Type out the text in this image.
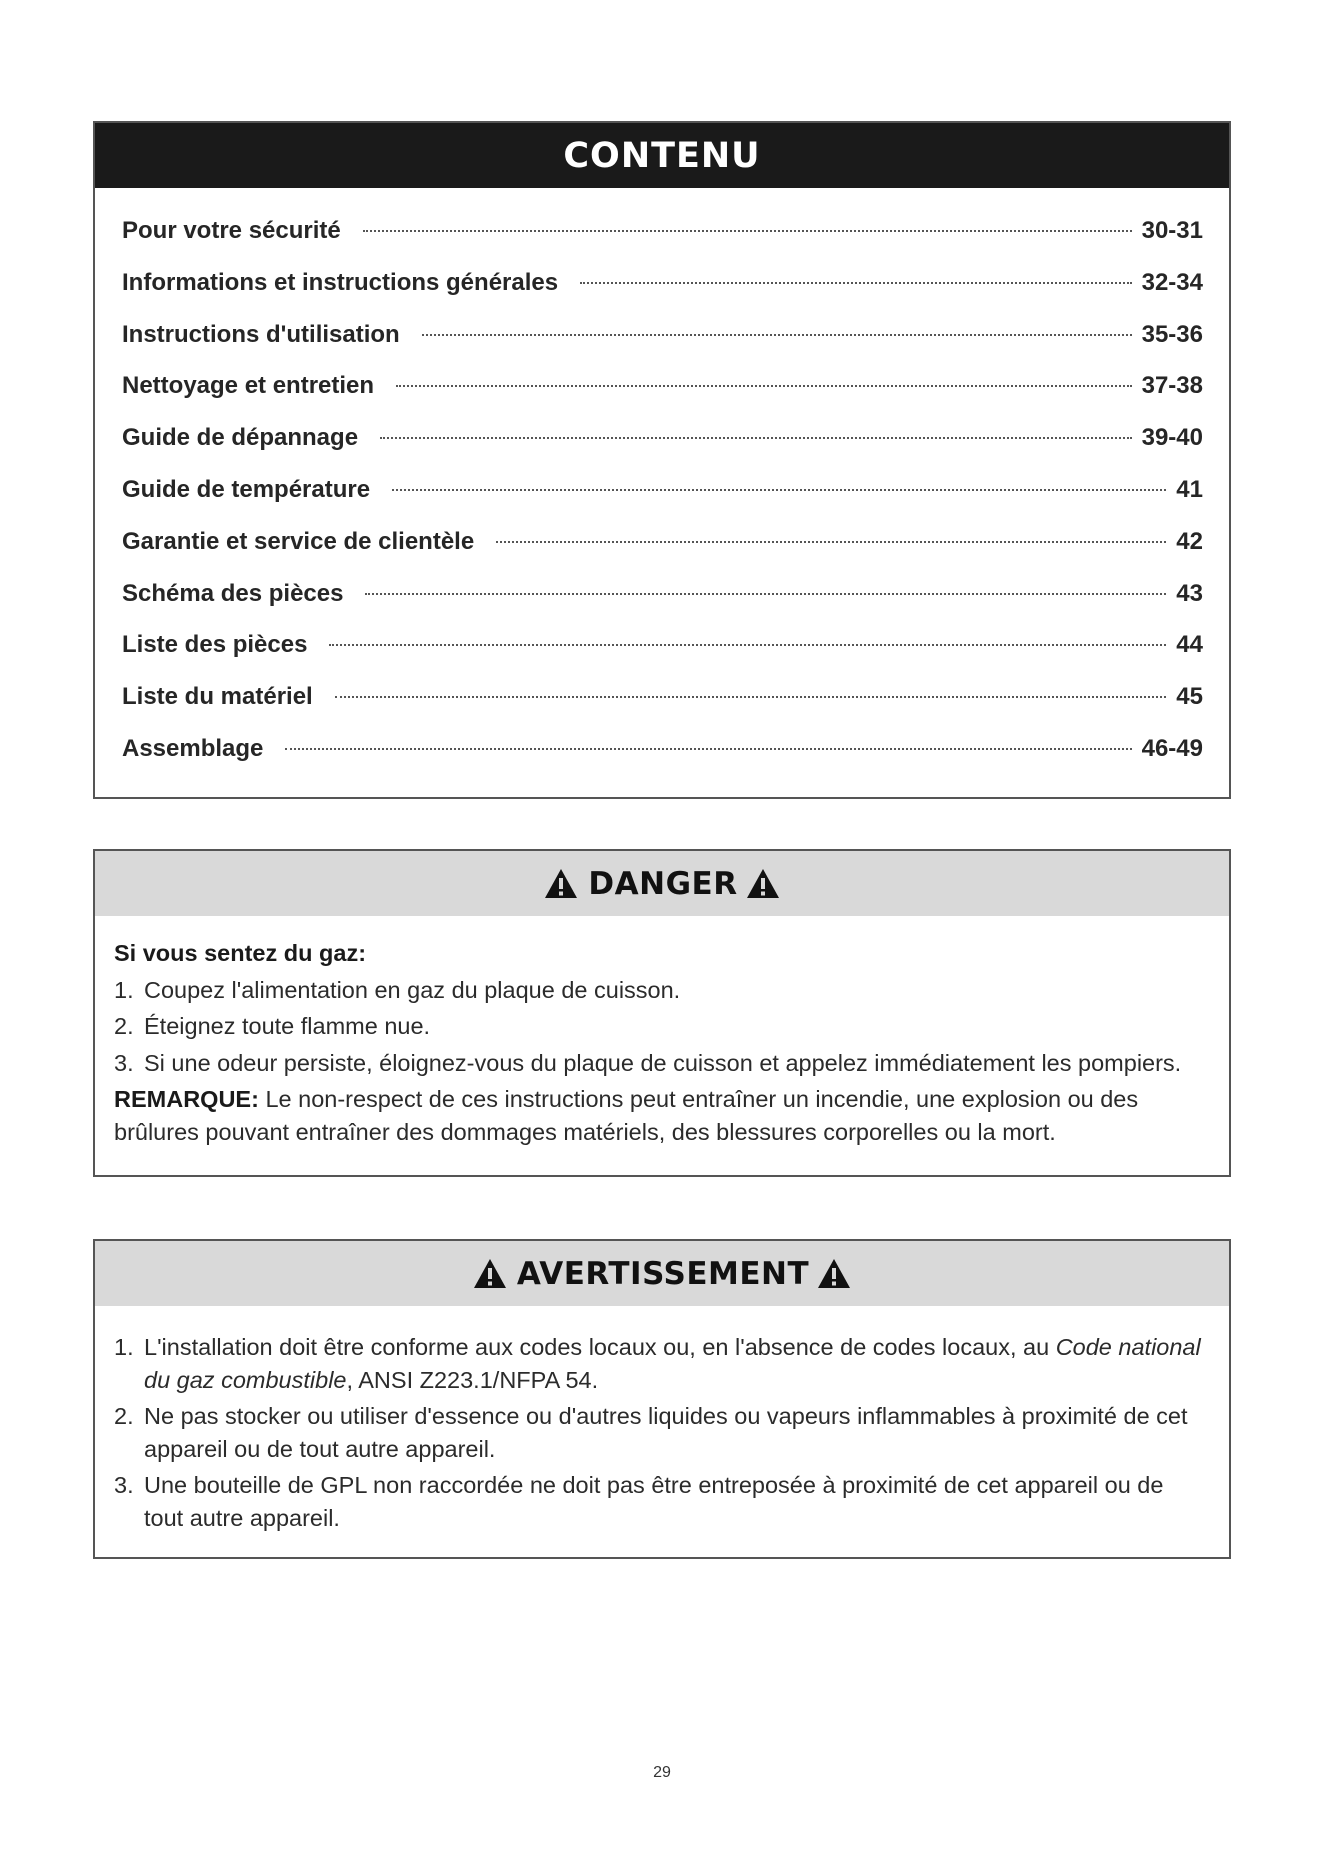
CONTENU
Pour votre sécurité	30-31
Informations et instructions générales	32-34
Instructions d'utilisation	35-36
Nettoyage et entretien	37-38
Guide de dépannage	39-40
Guide de température	41
Garantie et service de clientèle	42
Schéma des pièces	43
Liste des pièces	44
Liste du matériel	45
Assemblage	46-49
DANGER

Si vous sentez du gaz:

1. Coupez l'alimentation en gaz du plaque de cuisson.
2. Éteignez toute flamme nue.
3. Si une odeur persiste, éloignez-vous du plaque de cuisson et appelez immédiatement les pompiers.

REMARQUE: Le non-respect de ces instructions peut entraîner un incendie, une explosion ou des brûlures pouvant entraîner des dommages matériels, des blessures corporelles ou la mort.

AVERTISSEMENT
1. L'installation doit être conforme aux codes locaux ou, en l'absence de codes locaux, au Code national du gaz combustible, ANSI Z223.1/NFPA 54.
2. Ne pas stocker ou utiliser d'essence ou d'autres liquides ou vapeurs inflammables à proximité de cet appareil ou de tout autre appareil.
3. Une bouteille de GPL non raccordée ne doit pas être entreposée à proximité de cet appareil ou de tout autre appareil.
29
